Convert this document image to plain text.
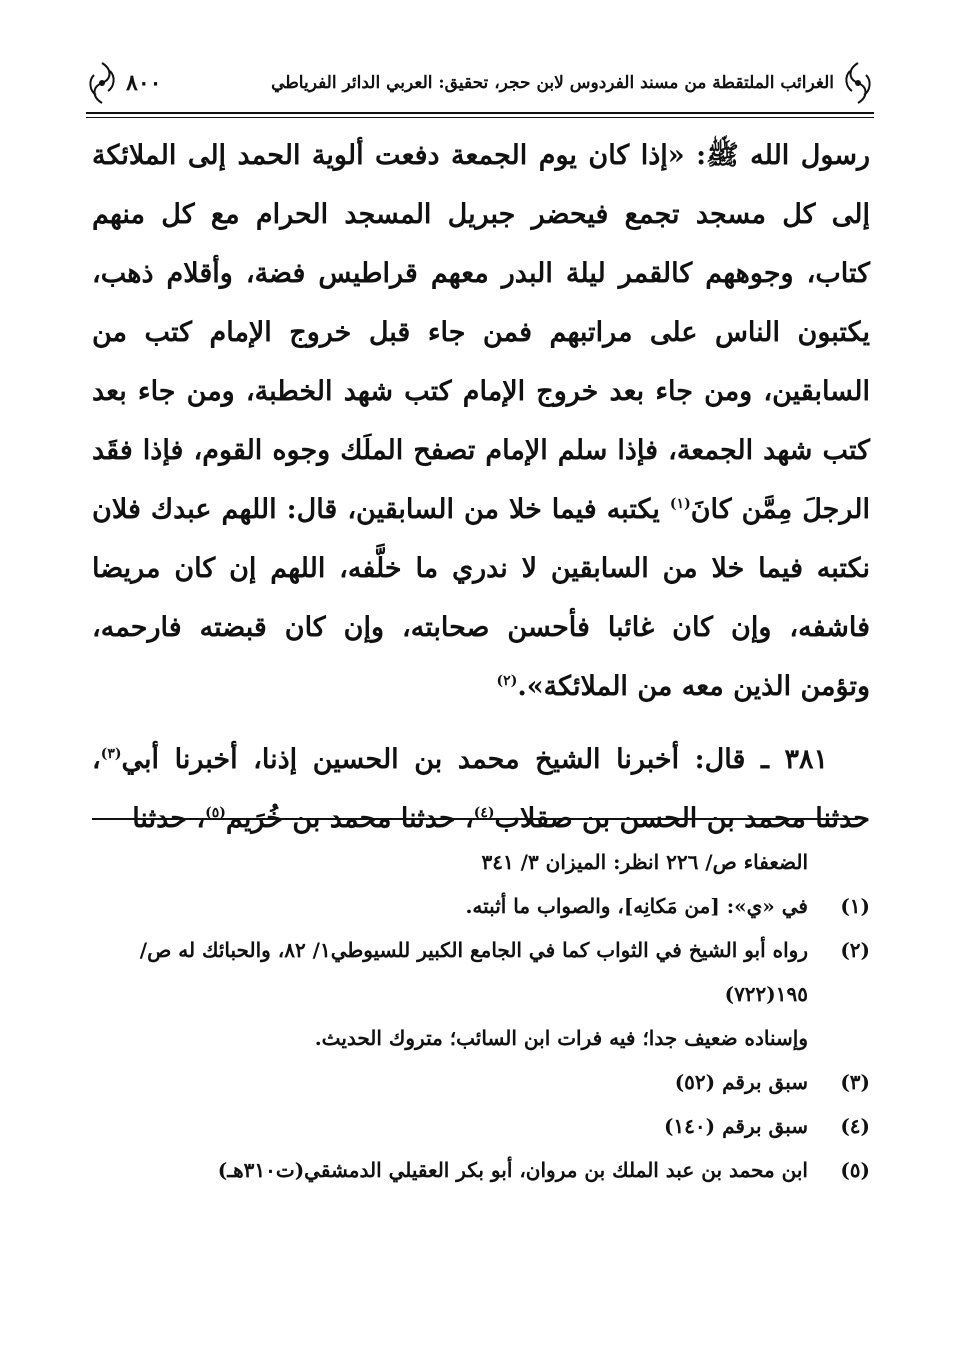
الغرائب الملتقطة من مسند الفردوس لابن حجر، تحقيق: العربي الدائر الفرياطي
٨٠٠

رسول الله ﷺ: «إذا كان يوم الجمعة دفعت ألوية الحمد إلى الملائكة إلى كل مسجد تجمع فيحضر جبريل المسجد الحرام مع كل منهم كتاب، وجوههم كالقمر ليلة البدر معهم قراطيس فضة، وأقلام ذهب، يكتبون الناس على مراتبهم فمن جاء قبل خروج الإمام كتب من السابقين، ومن جاء بعد خروج الإمام كتب شهد الخطبة، ومن جاء بعد كتب شهد الجمعة، فإذا سلم الإمام تصفح الملَك وجوه القوم، فإذا فقَد الرجلَ مِمَّن كانَ$^{(١)}$ يكتبه فيما خلا من السابقين، قال: اللهم عبدك فلان نكتبه فيما خلا من السابقين لا ندري ما خلَّفه، اللهم إن كان مريضا فاشفه، وإن كان غائبا فأحسن صحابته، وإن كان قبضته فارحمه، وتؤمن الذين معه من الملائكة».$^{(٢)}$

٣٨١ ـ قال: أخبرنا الشيخ محمد بن الحسين إذنا، أخبرنا أبي$^{(٣)}$، حدثنا محمد بن الحسن بن صقلاب$^{(٤)}$، حدثنا محمد بن خُرَيم$^{(٥)}$، حدثنا

الضعفاء ص/ ٢٢٦ انظر: الميزان ٣/ ٣٤١
(١)
في «ي»: [من مَكانِه]، والصواب ما أثبته.
(٢)
رواه أبو الشيخ في الثواب كما في الجامع الكبير للسيوطي١/ ٨٢، والحبائك له ص/ ١٩٥(٧٢٢)
وإسناده ضعيف جدا؛ فيه فرات ابن السائب؛ متروك الحديث.
(٣)
سبق برقم (٥٢)
(٤)
سبق برقم (١٤٠)
(٥)
ابن محمد بن عبد الملك بن مروان، أبو بكر العقيلي الدمشقي(ت٣١٠هـ)
